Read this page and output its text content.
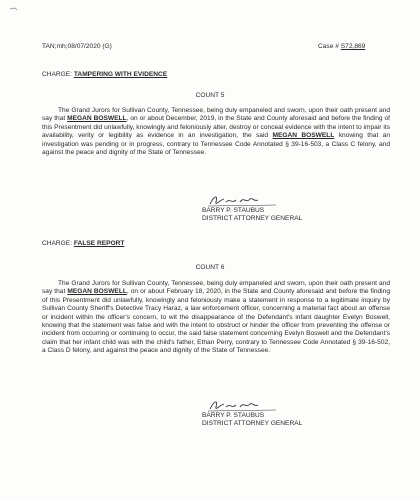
TAN;mh;08/07/2020 (G)	Case # S72,869
CHARGE: TAMPERING WITH EVIDENCE
COUNT 5

The Grand Jurors for Sullivan County, Tennessee, being duly empaneled and sworn, upon their oath present and say that MEGAN BOSWELL, on or about December, 2019, in the State and County aforesaid and before the finding of this Presentment did unlawfully, knowingly and feloniously alter, destroy or conceal evidence with the intent to impair its availability, verity or legibility as evidence in an investigation, the said MEGAN BOSWELL knowing that an investigation was pending or in progress, contrary to Tennessee Code Annotated § 39-16-503, a Class C felony, and against the peace and dignity of the State of Tennessee.

BARRY P. STAUBUS
DISTRICT ATTORNEY GENERAL
CHARGE: FALSE REPORT
COUNT 6

The Grand Jurors for Sullivan County, Tennessee, being duly empaneled and sworn, upon their oath present and say that MEGAN BOSWELL, on or about February 18, 2020, in the State and County aforesaid and before the finding of this Presentment did unlawfully, knowingly and feloniously make a statement in response to a legitimate inquiry by Sullivan County Sheriff's Detective Tracy Haraz, a law enforcement officer, concerning a material fact about an offense or incident within the officer's concern, to wit the disappearance of the Defendant's infant daughter Evelyn Boswell, knowing that the statement was false and with the intent to obstruct or hinder the officer from preventing the offense or incident from occurring or continuing to occur, the said false statement concerning Evelyn Boswell and the Defendant's claim that her infant child was with the child's father, Ethan Perry, contrary to Tennessee Code Annotated § 39-16-502, a Class D felony, and against the peace and dignity of the State of Tennessee.

BARRY P. STAUBUS
DISTRICT ATTORNEY GENERAL
